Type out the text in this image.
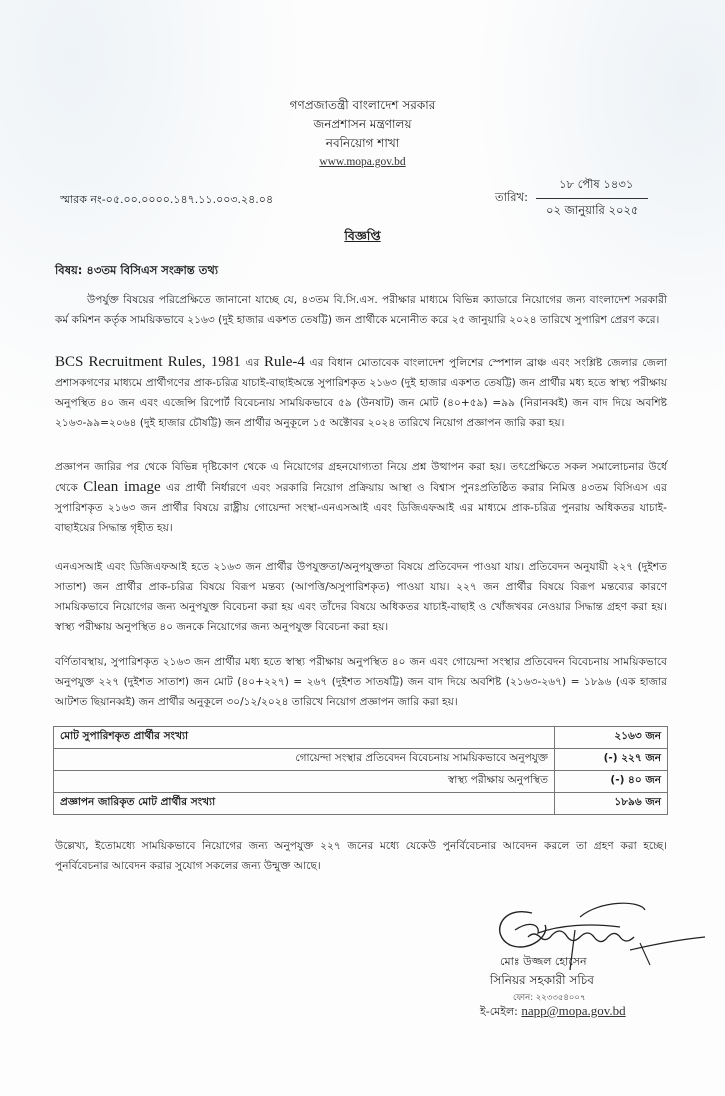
গণপ্রজাতন্ত্রী বাংলাদেশ সরকার
জনপ্রশাসন মন্ত্রণালয়
নবনিয়োগ শাখা
www.mopa.gov.bd
স্মারক নং-০৫.০০.০০০০.১৪৭.১১.০০৩.২৪.০৪	তারিখ:
১৮ পৌষ ১৪৩১
০২ জানুয়ারি ২০২৫
বিজ্ঞপ্তি
বিষয়: ৪৩তম বিসিএস সংক্রান্ত তথ্য
উপর্যুক্ত বিষয়ের পরিপ্রেক্ষিতে জানানো যাচ্ছে যে, ৪৩তম বি.সি.এস. পরীক্ষার মাধ্যমে বিভিন্ন ক্যাডারে নিয়োগের জন্য বাংলাদেশ সরকারী কর্ম কমিশন কর্তৃক সাময়িকভাবে ২১৬৩ (দুই হাজার একশত তেষট্টি) জন প্রার্থীকে মনোনীত করে ২৫ জানুয়ারি ২০২৪ তারিখে সুপারিশ প্রেরণ করে।
BCS Recruitment Rules, 1981 এর Rule-4 এর বিধান মোতাবেক বাংলাদেশ পুলিশের স্পেশাল ব্রাঞ্চ এবং সংশ্লিষ্ট জেলার জেলা প্রশাসকগণের মাধ্যমে প্রার্থীগণের প্রাক-চরিত্র যাচাই-বাছাইঅন্তে সুপারিশকৃত ২১৬৩ (দুই হাজার একশত তেষট্টি) জন প্রার্থীর মধ্য হতে স্বাস্থ্য পরীক্ষায় অনুপস্থিত ৪০ জন এবং এজেন্সি রিপোর্ট বিবেচনায় সাময়িকভাবে ৫৯ (উনষাট) জন মোট (৪০+৫৯) =৯৯ (নিরানব্বই) জন বাদ দিয়ে অবশিষ্ট ২১৬৩-৯৯=২০৬৪ (দুই হাজার চৌষট্টি) জন প্রার্থীর অনুকূলে ১৫ অক্টোবর ২০২৪ তারিখে নিয়োগ প্রজ্ঞাপন জারি করা হয়।
প্রজ্ঞাপন জারির পর থেকে বিভিন্ন দৃষ্টিকোণ থেকে এ নিয়োগের গ্রহনযোগ্যতা নিয়ে প্রশ্ন উত্থাপন করা হয়। তৎপ্রেক্ষিতে সকল সমালোচনার উর্ধে থেকে Clean image এর প্রার্থী নির্ধারণে এবং সরকারি নিয়োগ প্রক্রিয়ায় আস্থা ও বিশ্বাস পুনঃপ্রতিষ্ঠিত করার নিমিত্ত ৪৩তম বিসিএস এর সুপারিশকৃত ২১৬৩ জন প্রার্থীর বিষয়ে রাষ্ট্রীয় গোয়েন্দা সংস্থা-এনএসআই এবং ডিজিএফআই এর মাধ্যমে প্রাক-চরিত্র পুনরায় অধিকতর যাচাই-বাছাইয়ের সিদ্ধান্ত গৃহীত হয়।
এনএসআই এবং ডিজিএফআই হতে ২১৬৩ জন প্রার্থীর উপযুক্ততা/অনুপযুক্ততা বিষয়ে প্রতিবেদন পাওয়া যায়। প্রতিবেদন অনুযায়ী ২২৭ (দুইশত সাতাশ) জন প্রার্থীর প্রাক-চরিত্র বিষয়ে বিরূপ মন্তব্য (আপত্তি/অসুপারিশকৃত) পাওয়া যায়। ২২৭ জন প্রার্থীর বিষয়ে বিরূপ মন্তব্যের কারণে সাময়িকভাবে নিয়োগের জন্য অনুপযুক্ত বিবেচনা করা হয় এবং তাঁদের বিষয়ে অধিকতর যাচাই-বাছাই ও খোঁজখবর নেওয়ার সিদ্ধান্ত গ্রহণ করা হয়। স্বাস্থ্য পরীক্ষায় অনুপস্থিত ৪০ জনকে নিয়োগের জন্য অনুপযুক্ত বিবেচনা করা হয়।
বর্ণিতাবস্থায়, সুপারিশকৃত ২১৬৩ জন প্রার্থীর মধ্য হতে স্বাস্থ্য পরীক্ষায় অনুপস্থিত ৪০ জন এবং গোয়েন্দা সংস্থার প্রতিবেদন বিবেচনায় সাময়িকভাবে অনুপযুক্ত ২২৭ (দুইশত সাতাশ) জন মোট (৪০+২২৭) = ২৬৭ (দুইশত সাতষট্টি) জন বাদ দিয়ে অবশিষ্ট (২১৬৩-২৬৭) = ১৮৯৬ (এক হাজার আটশত ছিয়ানব্বই) জন প্রার্থীর অনুকূলে ৩০/১২/২০২৪ তারিখে নিয়োগ প্রজ্ঞাপন জারি করা হয়।
মোট সুপারিশকৃত প্রার্থীর সংখ্যা	২১৬৩ জন
গোয়েন্দা সংস্থার প্রতিবেদন বিবেচনায় সাময়িকভাবে অনুপযুক্ত	(-) ২২৭ জন
স্বাস্থ্য পরীক্ষায় অনুপস্থিত	(-) ৪০ জন
প্রজ্ঞাপন জারিকৃত মোট প্রার্থীর সংখ্যা	১৮৯৬ জন
উল্লেখ্য, ইতোমধ্যে সাময়িকভাবে নিয়োগের জন্য অনুপযুক্ত ২২৭ জনের মধ্যে যেকেউ পুনর্বিবেচনার আবেদন করলে তা গ্রহণ করা হচ্ছে। পুনর্বিবেচনার আবেদন করার সুযোগ সকলের জন্য উন্মুক্ত আছে।
মোঃ উজ্জল হোসেন
সিনিয়র সহকারী সচিব
ফোন: ২২৩৩৫৪০০৭
ই-মেইল: napp@mopa.gov.bd
